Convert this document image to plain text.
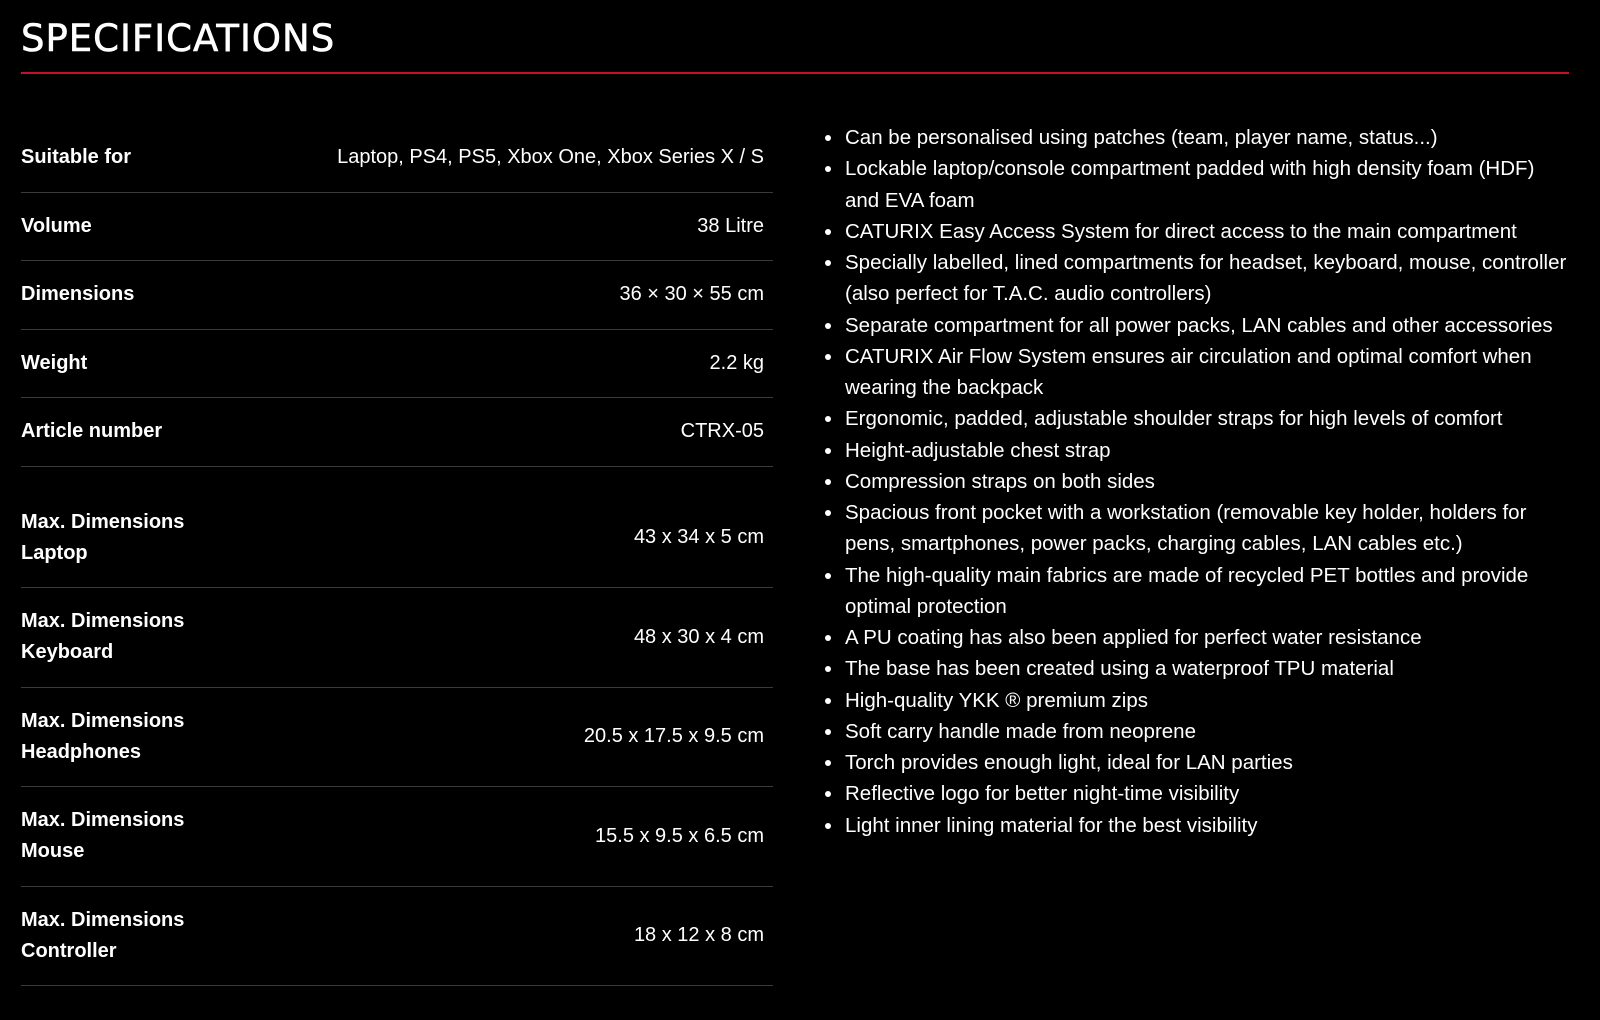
SPECIFICATIONS
Suitable for	Laptop, PS4, PS5, Xbox One, Xbox Series X / S
Volume	38 Litre
Dimensions	36 × 30 × 55 cm
Weight	2.2 kg
Article number	CTRX-05
Max. Dimensions Laptop
43 x 34 x 5 cm
Max. Dimensions Keyboard
48 x 30 x 4 cm
Max. Dimensions Headphones
20.5 x 17.5 x 9.5 cm
Max. Dimensions Mouse
15.5 x 9.5 x 6.5 cm
Max. Dimensions Controller
18 x 12 x 8 cm
Can be personalised using patches (team, player name, status...)
Lockable laptop/console compartment padded with high density foam (HDF) and EVA foam
CATURIX Easy Access System for direct access to the main compartment
Specially labelled, lined compartments for headset, keyboard, mouse, controller (also perfect for T.A.C. audio controllers)
Separate compartment for all power packs, LAN cables and other accessories
CATURIX Air Flow System ensures air circulation and optimal comfort when wearing the backpack
Ergonomic, padded, adjustable shoulder straps for high levels of comfort
Height-adjustable chest strap
Compression straps on both sides
Spacious front pocket with a workstation (removable key holder, holders for pens, smartphones, power packs, charging cables, LAN cables etc.)
The high-quality main fabrics are made of recycled PET bottles and provide optimal protection
A PU coating has also been applied for perfect water resistance
The base has been created using a waterproof TPU material
High-quality YKK ® premium zips
Soft carry handle made from neoprene
Torch provides enough light, ideal for LAN parties
Reflective logo for better night-time visibility
Light inner lining material for the best visibility
